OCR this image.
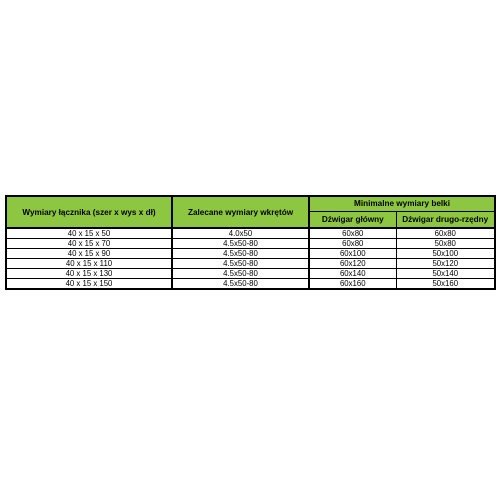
Wymiary łącznika (szer x wys x dł)	Zalecane wymiary wkrętów	Minimalne wymiary belki	
		Dźwigar główny	Dźwigar drugo-rzędny
40 x 15 x 50	4.0x50	60x80	60x80
40 x 15 x 70	4.5x50-80	60x80	50x80
40 x 15 x 90	4.5x50-80	60x100	50x100
40 x 15 x 110	4.5x50-80	60x120	50x120
40 x 15 x 130	4.5x50-80	60x140	50x140
40 x 15 x 150	4.5x50-80	60x160	50x160
